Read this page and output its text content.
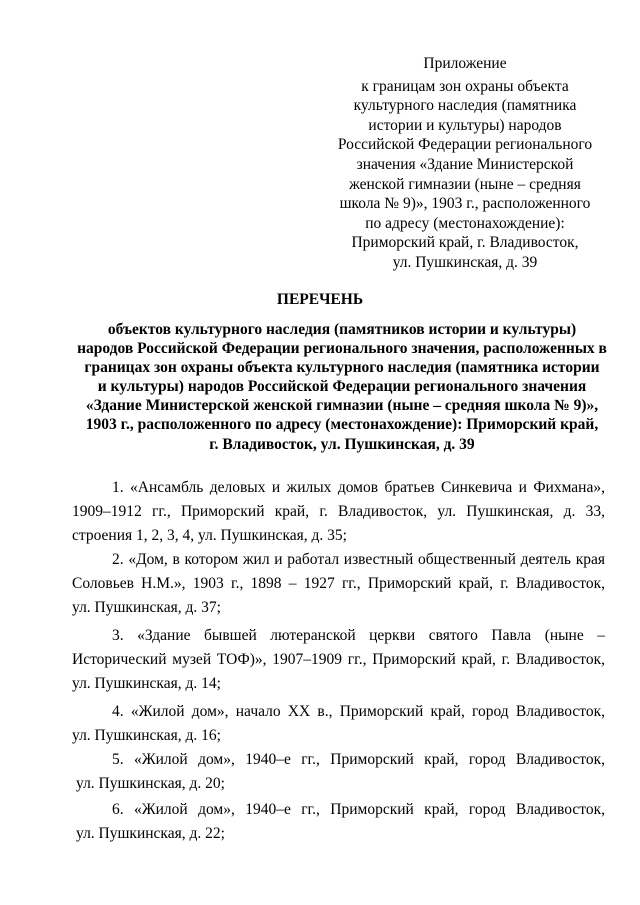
Приложение
к границам зон охраны объекта
культурного наследия (памятника
истории и культуры) народов
Российской Федерации регионального
значения «Здание Министерской
женской гимназии (ныне – средняя
школа № 9)», 1903 г., расположенного
по адресу (местонахождение):
Приморский край, г. Владивосток,
ул. Пушкинская, д. 39
ПЕРЕЧЕНЬ
объектов культурного наследия (памятников истории и культуры)
народов Российской Федерации регионального значения, расположенных в
границах зон охраны объекта культурного наследия (памятника истории
и культуры) народов Российской Федерации регионального значения
«Здание Министерской женской гимназии (ныне – средняя школа № 9)»,
1903 г., расположенного по адресу (местонахождение): Приморский край,
г. Владивосток, ул. Пушкинская, д. 39
1. «Ансамбль деловых и жилых домов братьев Синкевича и Фихмана»,
1909–1912 гг., Приморский край, г. Владивосток, ул. Пушкинская, д. 33,
строения 1, 2, 3, 4, ул. Пушкинская, д. 35;
2. «Дом, в котором жил и работал известный общественный деятель края
Соловьев Н.М.», 1903 г., 1898 – 1927 гг., Приморский край, г. Владивосток,
ул. Пушкинская, д. 37;
3. «Здание бывшей лютеранской церкви святого Павла (ныне –
Исторический музей ТОФ)», 1907–1909 гг., Приморский край, г. Владивосток,
ул. Пушкинская, д. 14;
4. «Жилой дом», начало XX в., Приморский край, город Владивосток,
ул. Пушкинская, д. 16;
5. «Жилой дом», 1940–е гг., Приморский край, город Владивосток,
ул. Пушкинская, д. 20;
6. «Жилой дом», 1940–е гг., Приморский край, город Владивосток,
ул. Пушкинская, д. 22;
